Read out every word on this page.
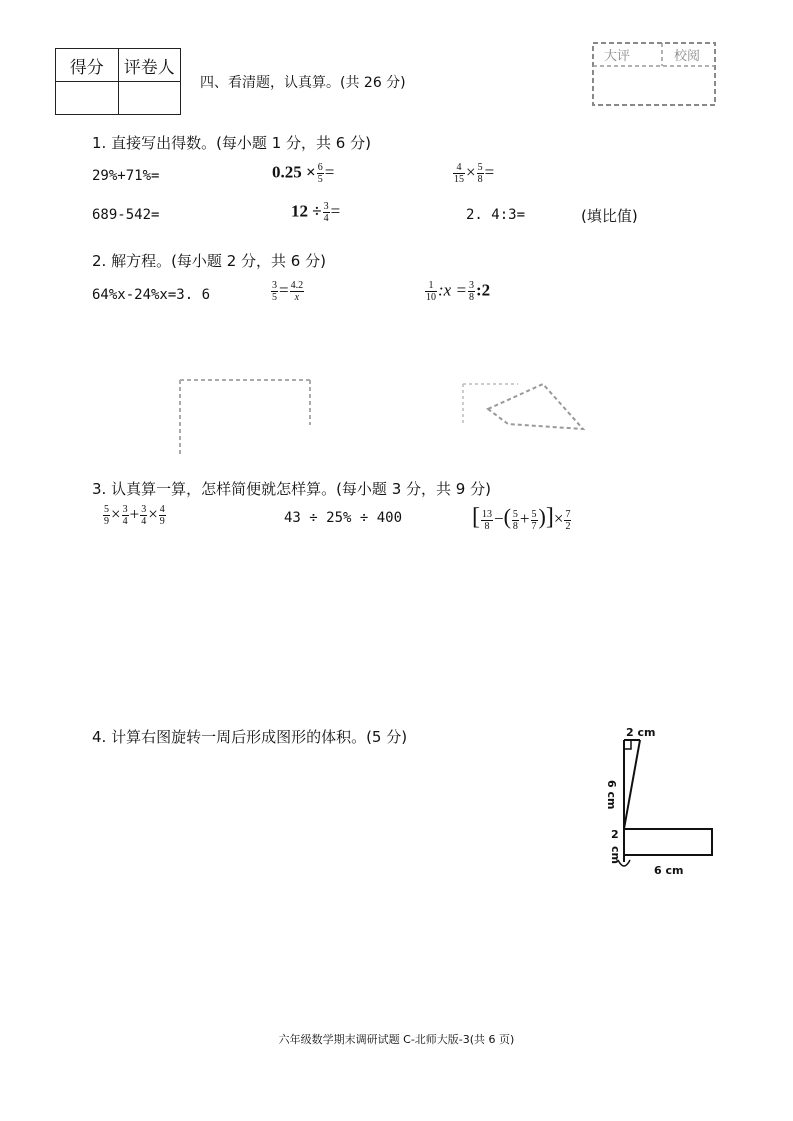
得分	评卷人

四、看清题，认真算。(共 26 分)
大评	校阅
1. 直接写出得数。(每小题 1 分，共 6 分)
29%+71%=	$0.25 \times \frac{6}{5}$ =	$\frac{4}{15} \times \frac{5}{8}$ =
689-542=	$12 \div \frac{3}{4}$ =	2. 4:3=	(填比值)
2. 解方程。(每小题 2 分，共 6 分)
64%x-24%x=3. 6	$\frac{3}{5} = \frac{4.2}{x}$	$\frac{1}{10}$ :x = $\frac{3}{8}$ :2
3. 认真算一算，怎样简便就怎样算。(每小题 3 分，共 9 分)
$\frac{5}{9} \times \frac{3}{4} + \frac{3}{4} \times \frac{4}{9}$	43 ÷ 25% ÷ 400	[ $\frac{13}{8}$ −( $\frac{5}{8} + \frac{5}{7}$ )]× $\frac{7}{2}$
4. 计算右图旋转一周后形成图形的体积。(5 分)	2 cm
6 cm
2
cm
6 cm
六年级数学期末调研试题 C-北师大版-3(共 6 页)
